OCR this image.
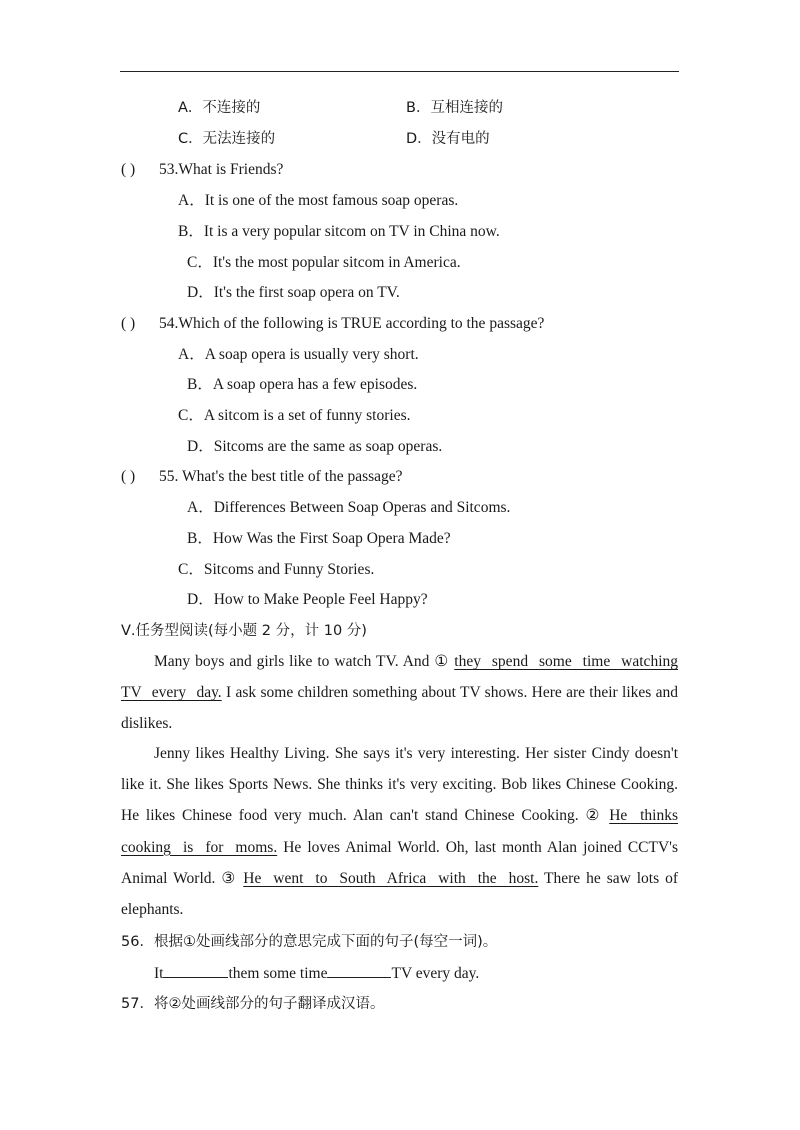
A．不连接的	B．互相连接的
C．无法连接的	D．没有电的
( ) 53.What is Friends?
A．It is one of the most famous soap operas.
B．It is a very popular sitcom on TV in China now.
C．It's the most popular sitcom in America.
D．It's the first soap opera on TV.
( ) 54.Which of the following is TRUE according to the passage?
A．A soap opera is usually very short.
B．A soap opera has a few episodes.
C．A sitcom is a set of funny stories.
D．Sitcoms are the same as soap operas.
( ) 55. What's the best title of the passage?
A．Differences Between Soap Operas and Sitcoms.
B．How Was the First Soap Opera Made?
C．Sitcoms and Funny Stories.
D．How to Make People Feel Happy?
Ⅴ.任务型阅读(每小题 2 分，计 10 分)
Many boys and girls like to watch TV. And ① they spend some time watching TV every day. I ask some children something about TV shows. Here are their likes and dislikes.
Jenny likes Healthy Living. She says it's very interesting. Her sister Cindy doesn't like it. She likes Sports News. She thinks it's very exciting. Bob likes Chinese Cooking. He likes Chinese food very much. Alan can't stand Chinese Cooking. ② He thinks cooking is for moms. He loves Animal World. Oh, last month Alan joined CCTV's Animal World. ③ He went to South Africa with the host. There he saw lots of elephants.
56．根据①处画线部分的意思完成下面的句子(每空一词)。
It	them some time	TV every day.
57．将②处画线部分的句子翻译成汉语。
